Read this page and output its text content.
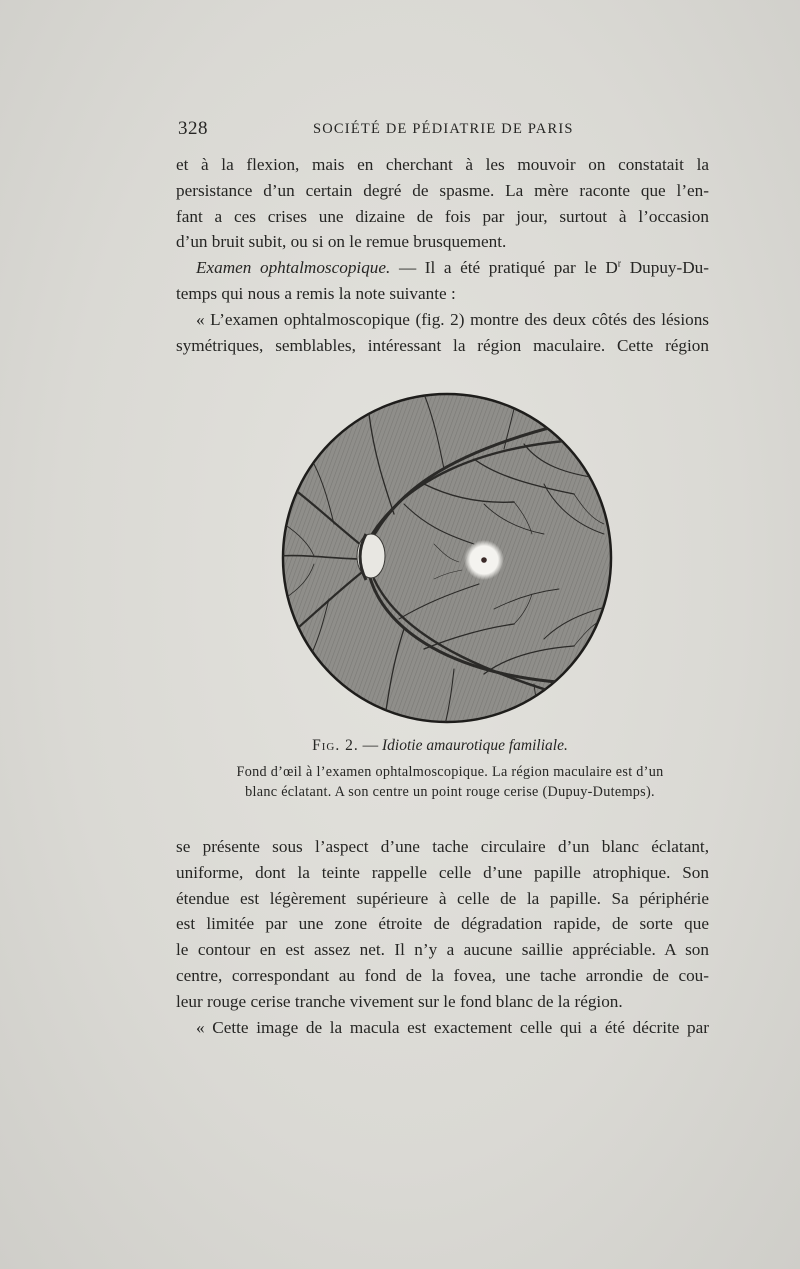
328	SOCIÉTÉ DE PÉDIATRIE DE PARIS

et à la flexion, mais en cherchant à les mouvoir on constatait la

persistance d’un certain degré de spasme. La mère raconte que l’en-

fant a ces crises une dizaine de fois par jour, surtout à l’occasion

d’un bruit subit, ou si on le remue brusquement.

Examen ophtalmoscopique. — Il a été pratiqué par le $D^r$ Dupuy-Du-

temps qui nous a remis la note suivante :

« L’examen ophtalmoscopique (fig. 2) montre des deux côtés des lésions

symétriques, semblables, intéressant la région maculaire. Cette région

Fig. 2. — Idiotie amaurotique familiale.

Fond d’œil à l’examen ophtalmoscopique. La région maculaire est d’un

blanc éclatant. A son centre un point rouge cerise (Dupuy-Dutemps).

se présente sous l’aspect d’une tache circulaire d’un blanc éclatant,

uniforme, dont la teinte rappelle celle d’une papille atrophique. Son

étendue est légèrement supérieure à celle de la papille. Sa périphérie

est limitée par une zone étroite de dégradation rapide, de sorte que

le contour en est assez net. Il n’y a aucune saillie appréciable. A son

centre, correspondant au fond de la fovea, une tache arrondie de cou-

leur rouge cerise tranche vivement sur le fond blanc de la région.

« Cette image de la macula est exactement celle qui a été décrite par
